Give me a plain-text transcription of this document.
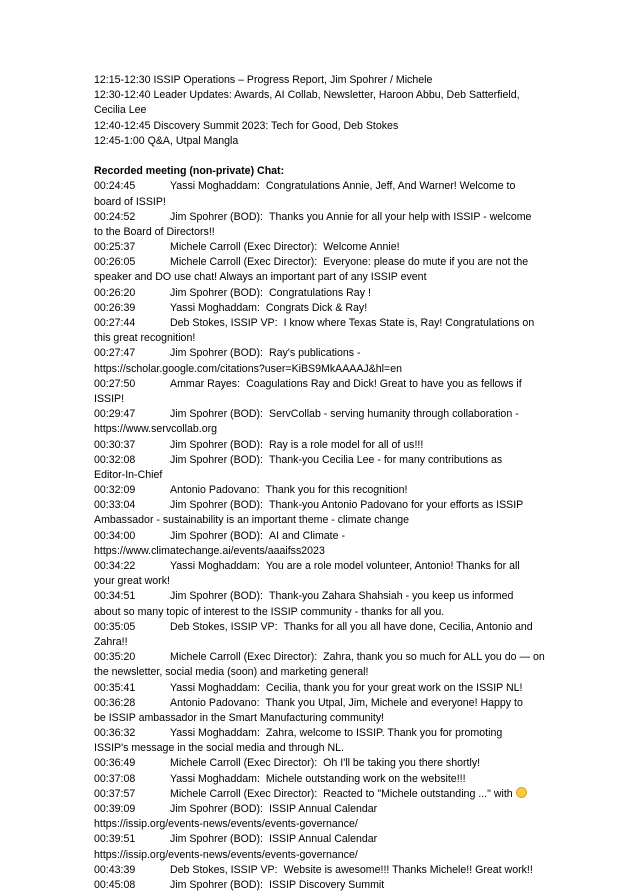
12:15-12:30 ISSIP Operations – Progress Report, Jim Spohrer / Michele
12:30-12:40 Leader Updates: Awards, AI Collab, Newsletter, Haroon Abbu, Deb Satterfield,
Cecilia Lee
12:40-12:45 Discovery Summit 2023: Tech for Good, Deb Stokes
12:45-1:00 Q&A, Utpal Mangla
Recorded meeting (non-private) Chat:
00:24:45	Yassi Moghaddam: Congratulations Annie, Jeff, And Warner! Welcome to
board of ISSIP!
00:24:52	Jim Spohrer (BOD): Thanks you Annie for all your help with ISSIP - welcome
to the Board of Directors!!
00:25:37	Michele Carroll (Exec Director): Welcome Annie!
00:26:05	Michele Carroll (Exec Director): Everyone: please do mute if you are not the
speaker and DO use chat! Always an important part of any ISSIP event
00:26:20	Jim Spohrer (BOD): Congratulations Ray !
00:26:39	Yassi Moghaddam: Congrats Dick & Ray!
00:27:44	Deb Stokes, ISSIP VP: I know where Texas State is, Ray! Congratulations on
this great recognition!
00:27:47	Jim Spohrer (BOD): Ray's publications -
https://scholar.google.com/citations?user=KiBS9MkAAAAJ&hl=en
00:27:50	Ammar Rayes: Coagulations Ray and Dick! Great to have you as fellows if
ISSIP!
00:29:47	Jim Spohrer (BOD): ServCollab - serving humanity through collaboration -
https://www.servcollab.org
00:30:37	Jim Spohrer (BOD): Ray is a role model for all of us!!!
00:32:08	Jim Spohrer (BOD): Thank-you Cecilia Lee - for many contributions as
Editor-In-Chief
00:32:09	Antonio Padovano: Thank you for this recognition!
00:33:04	Jim Spohrer (BOD): Thank-you Antonio Padovano for your efforts as ISSIP
Ambassador - sustainability is an important theme - climate change
00:34:00	Jim Spohrer (BOD): AI and Climate -
https://www.climatechange.ai/events/aaaifss2023
00:34:22	Yassi Moghaddam: You are a role model volunteer, Antonio! Thanks for all
your great work!
00:34:51	Jim Spohrer (BOD): Thank-you Zahara Shahsiah - you keep us informed
about so many topic of interest to the ISSIP community - thanks for all you.
00:35:05	Deb Stokes, ISSIP VP: Thanks for all you all have done, Cecilia, Antonio and
Zahra!!
00:35:20	Michele Carroll (Exec Director): Zahra, thank you so much for ALL you do — on
the newsletter, social media (soon) and marketing general!
00:35:41	Yassi Moghaddam: Cecilia, thank you for your great work on the ISSIP NL!
00:36:28	Antonio Padovano: Thank you Utpal, Jim, Michele and everyone! Happy to
be ISSIP ambassador in the Smart Manufacturing community!
00:36:32	Yassi Moghaddam: Zahra, welcome to ISSIP. Thank you for promoting
ISSIP's message in the social media and through NL.
00:36:49	Michele Carroll (Exec Director): Oh I'll be taking you there shortly!
00:37:08	Yassi Moghaddam: Michele outstanding work on the website!!!
00:37:57	Michele Carroll (Exec Director): Reacted to "Michele outstanding ..." with
00:39:09	Jim Spohrer (BOD): ISSIP Annual Calendar
https://issip.org/events-news/events/events-governance/
00:39:51	Jim Spohrer (BOD): ISSIP Annual Calendar
https://issip.org/events-news/events/events-governance/
00:43:39	Deb Stokes, ISSIP VP: Website is awesome!!! Thanks Michele!! Great work!!
00:45:08	Jim Spohrer (BOD): ISSIP Discovery Summit
